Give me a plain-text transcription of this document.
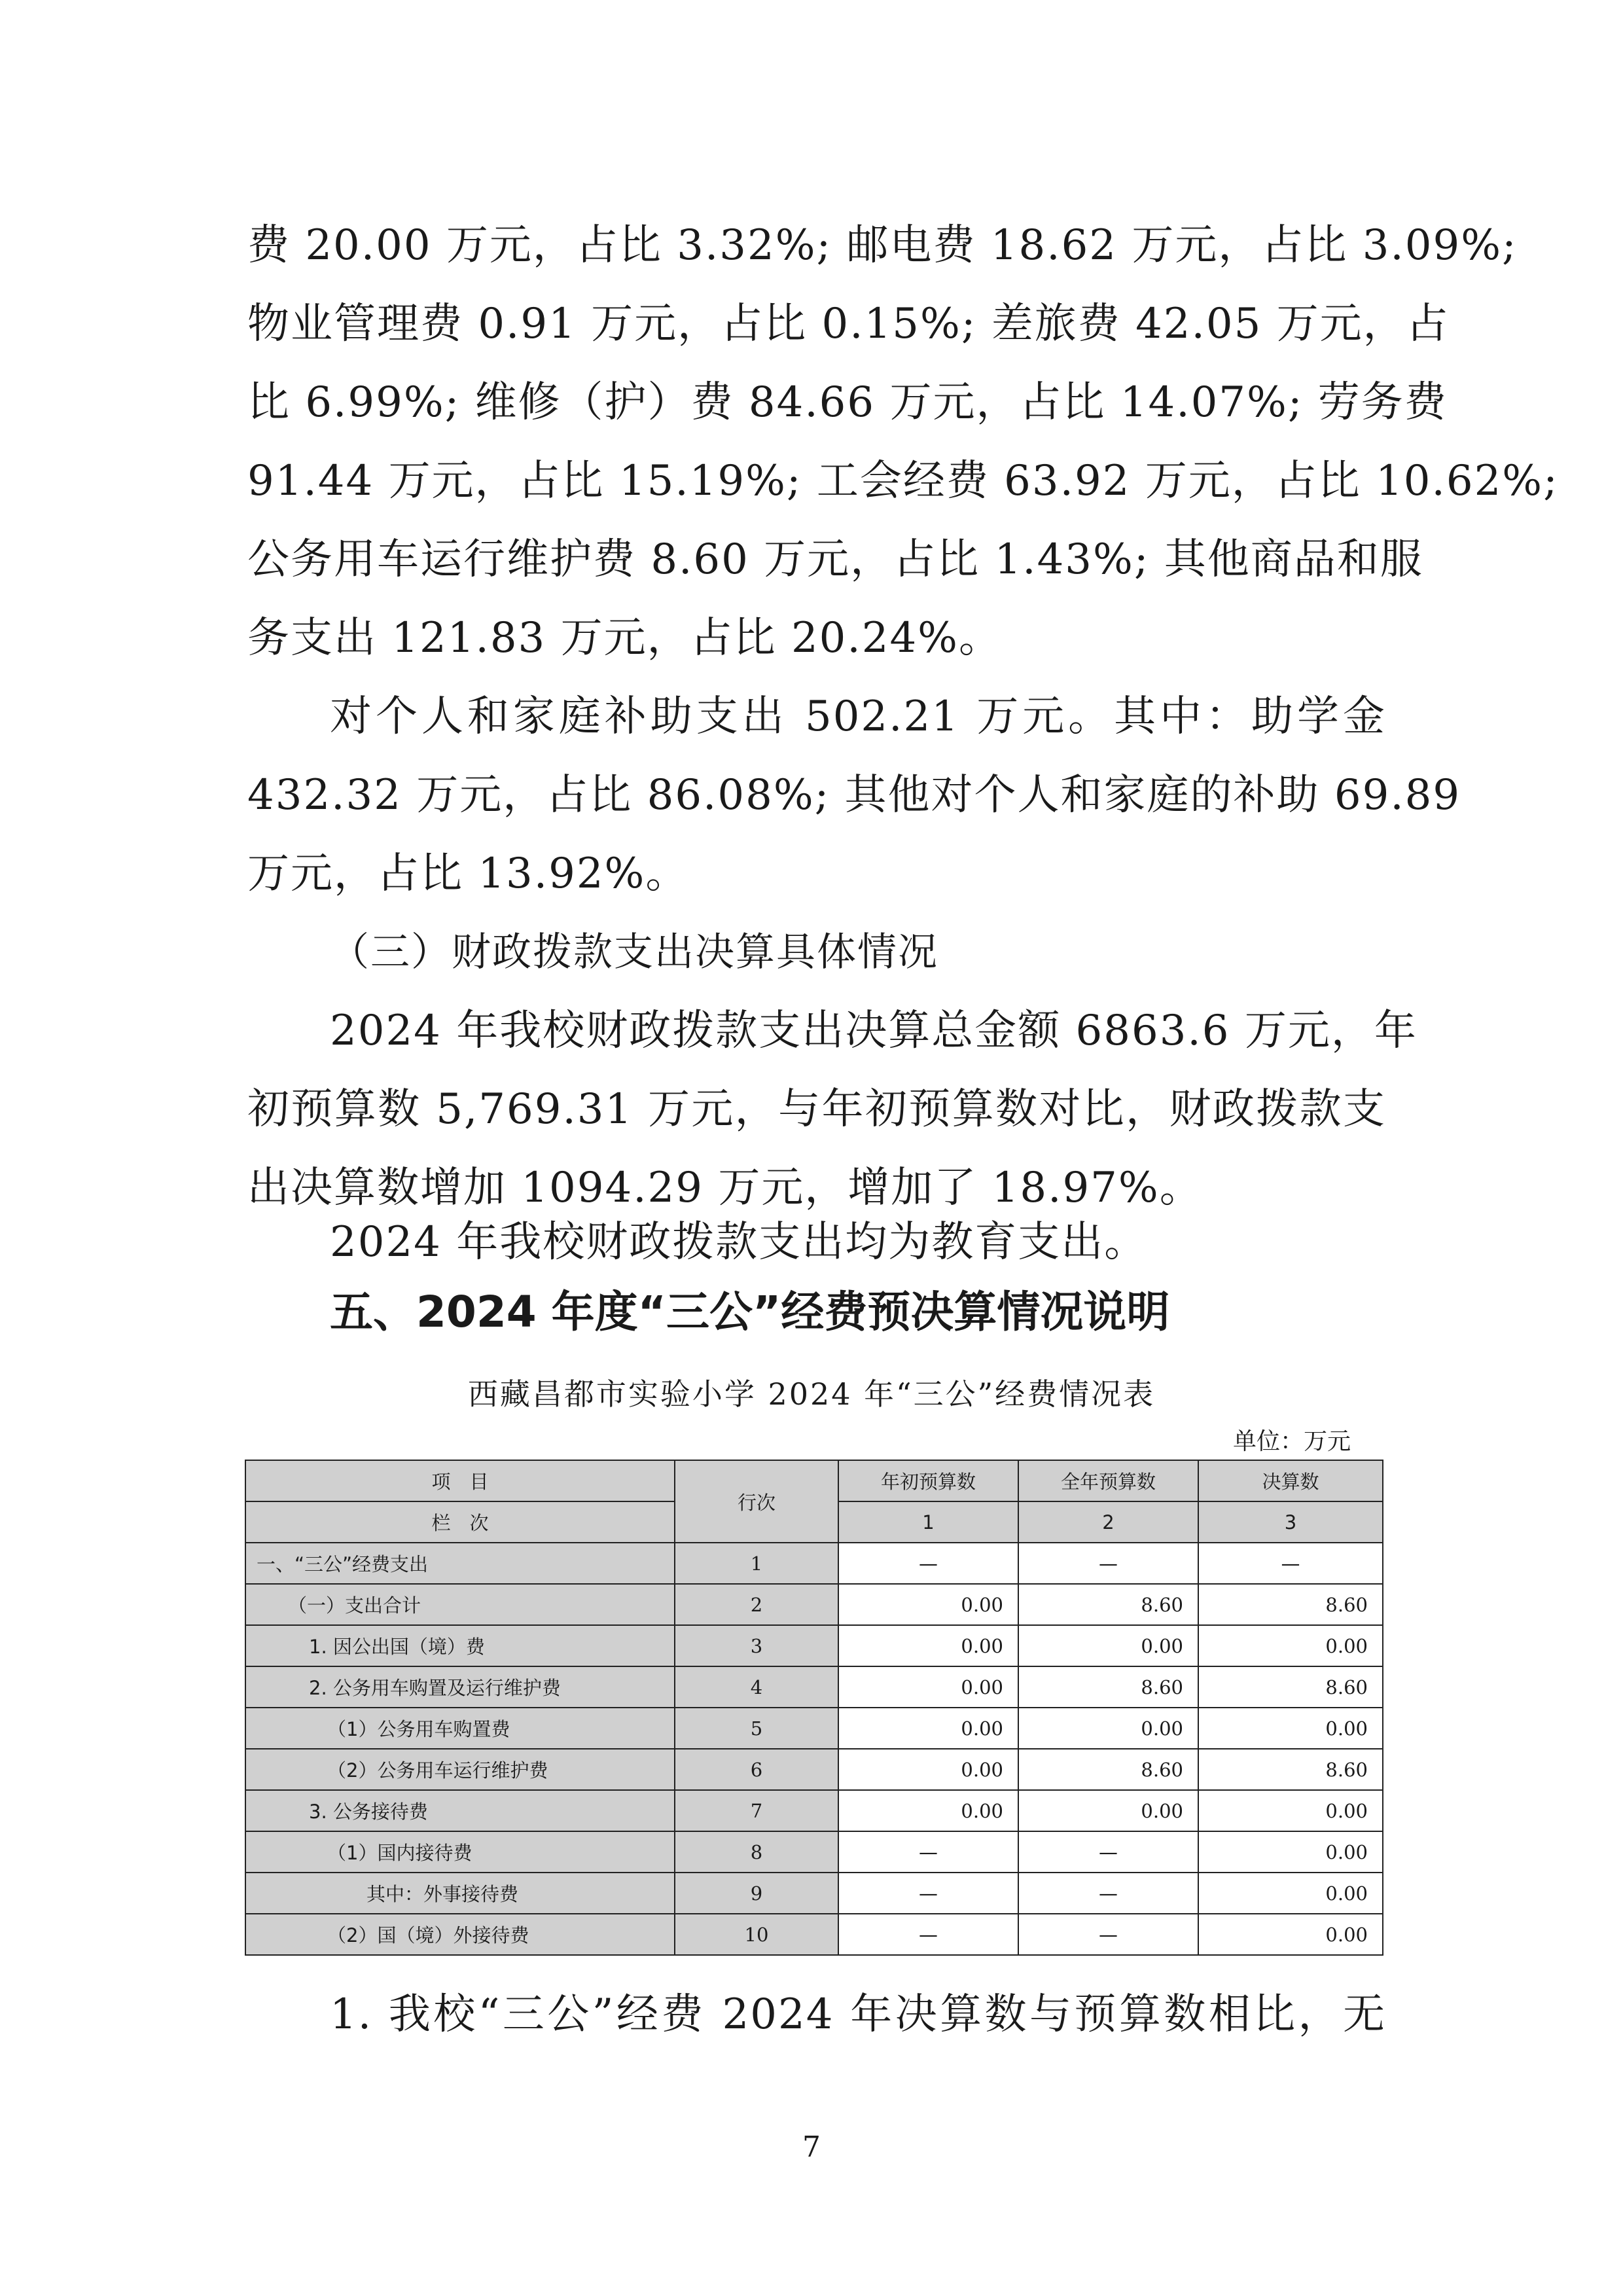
费 20.00 万元，占比 3.32%; 邮电费 18.62 万元，占比 3.09%;
物业管理费 0.91 万元，占比 0.15%; 差旅费 42.05 万元，占
比 6.99%; 维修（护）费 84.66 万元，占比 14.07%; 劳务费
91.44 万元，占比 15.19%; 工会经费 63.92 万元，占比 10.62%;
公务用车运行维护费 8.60 万元，占比 1.43%; 其他商品和服
务支出 121.83 万元，占比 20.24%。
对个人和家庭补助支出 502.21 万元。其中：助学金
432.32 万元，占比 86.08%; 其他对个人和家庭的补助 69.89
万元，占比 13.92%。
（三）财政拨款支出决算具体情况
2024 年我校财政拨款支出决算总金额 6863.6 万元，年
初预算数 5,769.31 万元，与年初预算数对比，财政拨款支
出决算数增加 1094.29 万元，增加了 18.97%。
2024 年我校财政拨款支出均为教育支出。
五、2024 年度“三公”经费预决算情况说明
西藏昌都市实验小学 2024 年“三公”经费情况表
单位：万元
项　目	行次	年初预算数	全年预算数	决算数
栏　次		1	2	3
一、“三公”经费支出	1	—	—	—
（一）支出合计	2	0.00	8.60	8.60
1. 因公出国（境）费	3	0.00	0.00	0.00
2. 公务用车购置及运行维护费	4	0.00	8.60	8.60
（1）公务用车购置费	5	0.00	0.00	0.00
（2）公务用车运行维护费	6	0.00	8.60	8.60
3. 公务接待费	7	0.00	0.00	0.00
（1）国内接待费	8	—	—	0.00
其中：外事接待费	9	—	—	0.00
（2）国（境）外接待费	10	—	—	0.00
1. 我校“三公”经费 2024 年决算数与预算数相比，无
7
